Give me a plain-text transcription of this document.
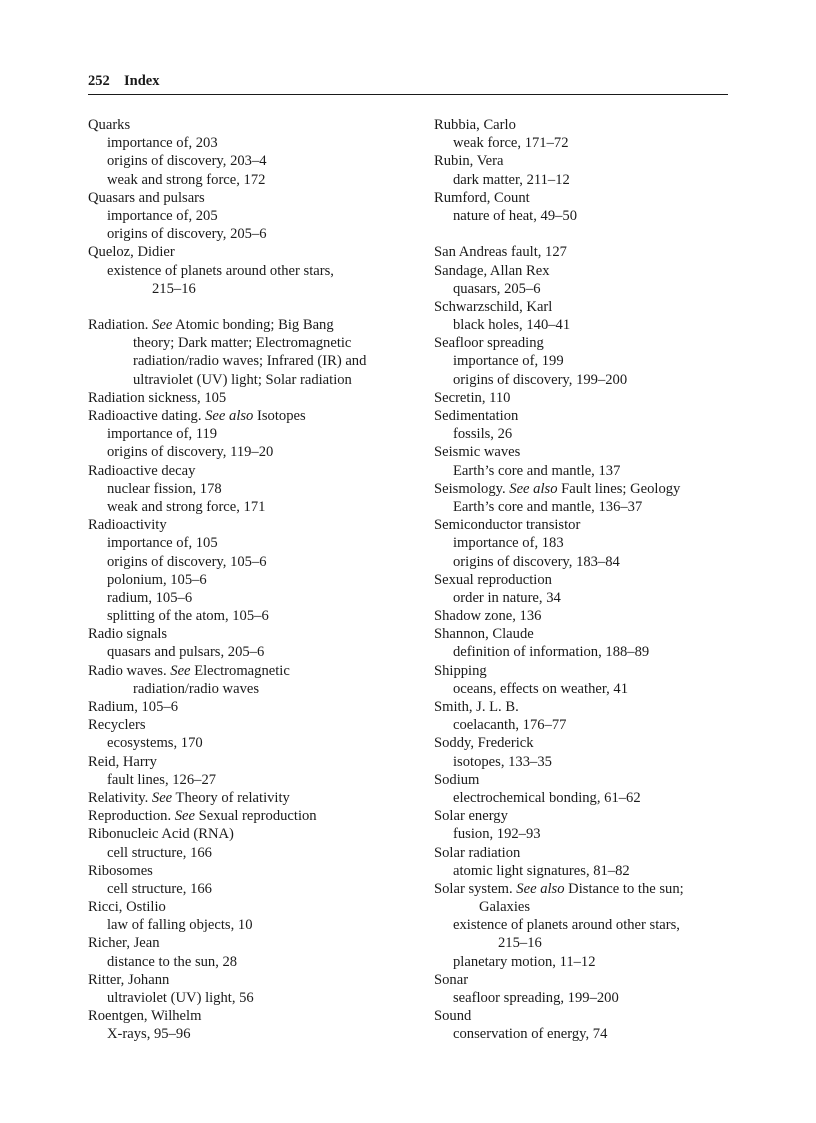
252 Index
Quarks
importance of, 203
origins of discovery, 203–4
weak and strong force, 172
Quasars and pulsars
importance of, 205
origins of discovery, 205–6
Queloz, Didier
existence of planets around other stars,
215–16
Radiation. See Atomic bonding; Big Bang
theory; Dark matter; Electromagnetic
radiation/radio waves; Infrared (IR) and
ultraviolet (UV) light; Solar radiation
Radiation sickness, 105
Radioactive dating. See also Isotopes
importance of, 119
origins of discovery, 119–20
Radioactive decay
nuclear fission, 178
weak and strong force, 171
Radioactivity
importance of, 105
origins of discovery, 105–6
polonium, 105–6
radium, 105–6
splitting of the atom, 105–6
Radio signals
quasars and pulsars, 205–6
Radio waves. See Electromagnetic
radiation/radio waves
Radium, 105–6
Recyclers
ecosystems, 170
Reid, Harry
fault lines, 126–27
Relativity. See Theory of relativity
Reproduction. See Sexual reproduction
Ribonucleic Acid (RNA)
cell structure, 166
Ribosomes
cell structure, 166
Ricci, Ostilio
law of falling objects, 10
Richer, Jean
distance to the sun, 28
Ritter, Johann
ultraviolet (UV) light, 56
Roentgen, Wilhelm
X-rays, 95–96
Rubbia, Carlo
weak force, 171–72
Rubin, Vera
dark matter, 211–12
Rumford, Count
nature of heat, 49–50
San Andreas fault, 127
Sandage, Allan Rex
quasars, 205–6
Schwarzschild, Karl
black holes, 140–41
Seafloor spreading
importance of, 199
origins of discovery, 199–200
Secretin, 110
Sedimentation
fossils, 26
Seismic waves
Earth’s core and mantle, 137
Seismology. See also Fault lines; Geology
Earth’s core and mantle, 136–37
Semiconductor transistor
importance of, 183
origins of discovery, 183–84
Sexual reproduction
order in nature, 34
Shadow zone, 136
Shannon, Claude
definition of information, 188–89
Shipping
oceans, effects on weather, 41
Smith, J. L. B.
coelacanth, 176–77
Soddy, Frederick
isotopes, 133–35
Sodium
electrochemical bonding, 61–62
Solar energy
fusion, 192–93
Solar radiation
atomic light signatures, 81–82
Solar system. See also Distance to the sun;
Galaxies
existence of planets around other stars,
215–16
planetary motion, 11–12
Sonar
seafloor spreading, 199–200
Sound
conservation of energy, 74
